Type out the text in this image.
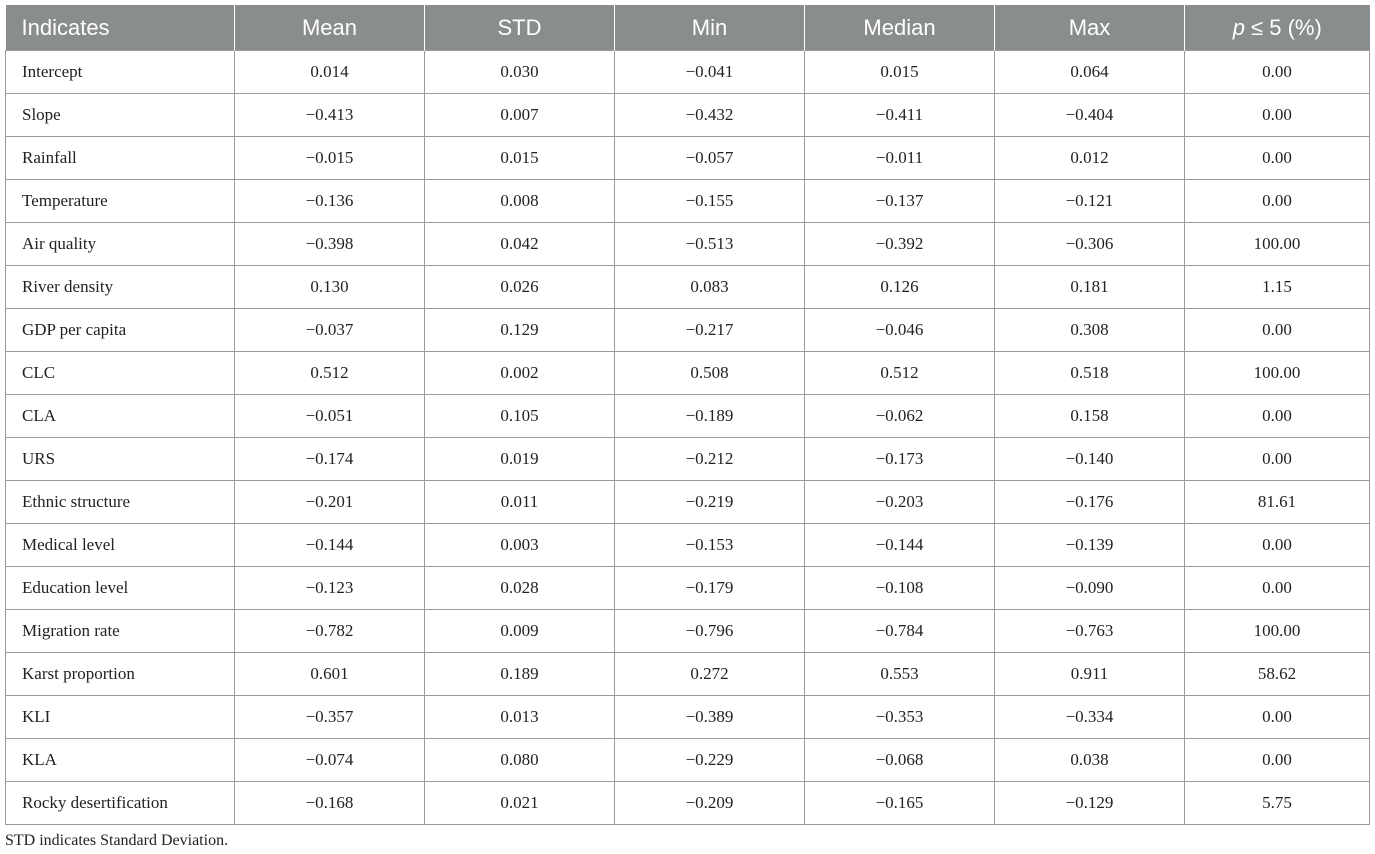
Indicates	Mean	STD	Min	Median	Max	p ≤ 5 (%)
Intercept	0.014	0.030	−0.041	0.015	0.064	0.00
Slope	−0.413	0.007	−0.432	−0.411	−0.404	0.00
Rainfall	−0.015	0.015	−0.057	−0.011	0.012	0.00
Temperature	−0.136	0.008	−0.155	−0.137	−0.121	0.00
Air quality	−0.398	0.042	−0.513	−0.392	−0.306	100.00
River density	0.130	0.026	0.083	0.126	0.181	1.15
GDP per capita	−0.037	0.129	−0.217	−0.046	0.308	0.00
CLC	0.512	0.002	0.508	0.512	0.518	100.00
CLA	−0.051	0.105	−0.189	−0.062	0.158	0.00
URS	−0.174	0.019	−0.212	−0.173	−0.140	0.00
Ethnic structure	−0.201	0.011	−0.219	−0.203	−0.176	81.61
Medical level	−0.144	0.003	−0.153	−0.144	−0.139	0.00
Education level	−0.123	0.028	−0.179	−0.108	−0.090	0.00
Migration rate	−0.782	0.009	−0.796	−0.784	−0.763	100.00
Karst proportion	0.601	0.189	0.272	0.553	0.911	58.62
KLI	−0.357	0.013	−0.389	−0.353	−0.334	0.00
KLA	−0.074	0.080	−0.229	−0.068	0.038	0.00
Rocky desertification	−0.168	0.021	−0.209	−0.165	−0.129	5.75
STD indicates Standard Deviation.
